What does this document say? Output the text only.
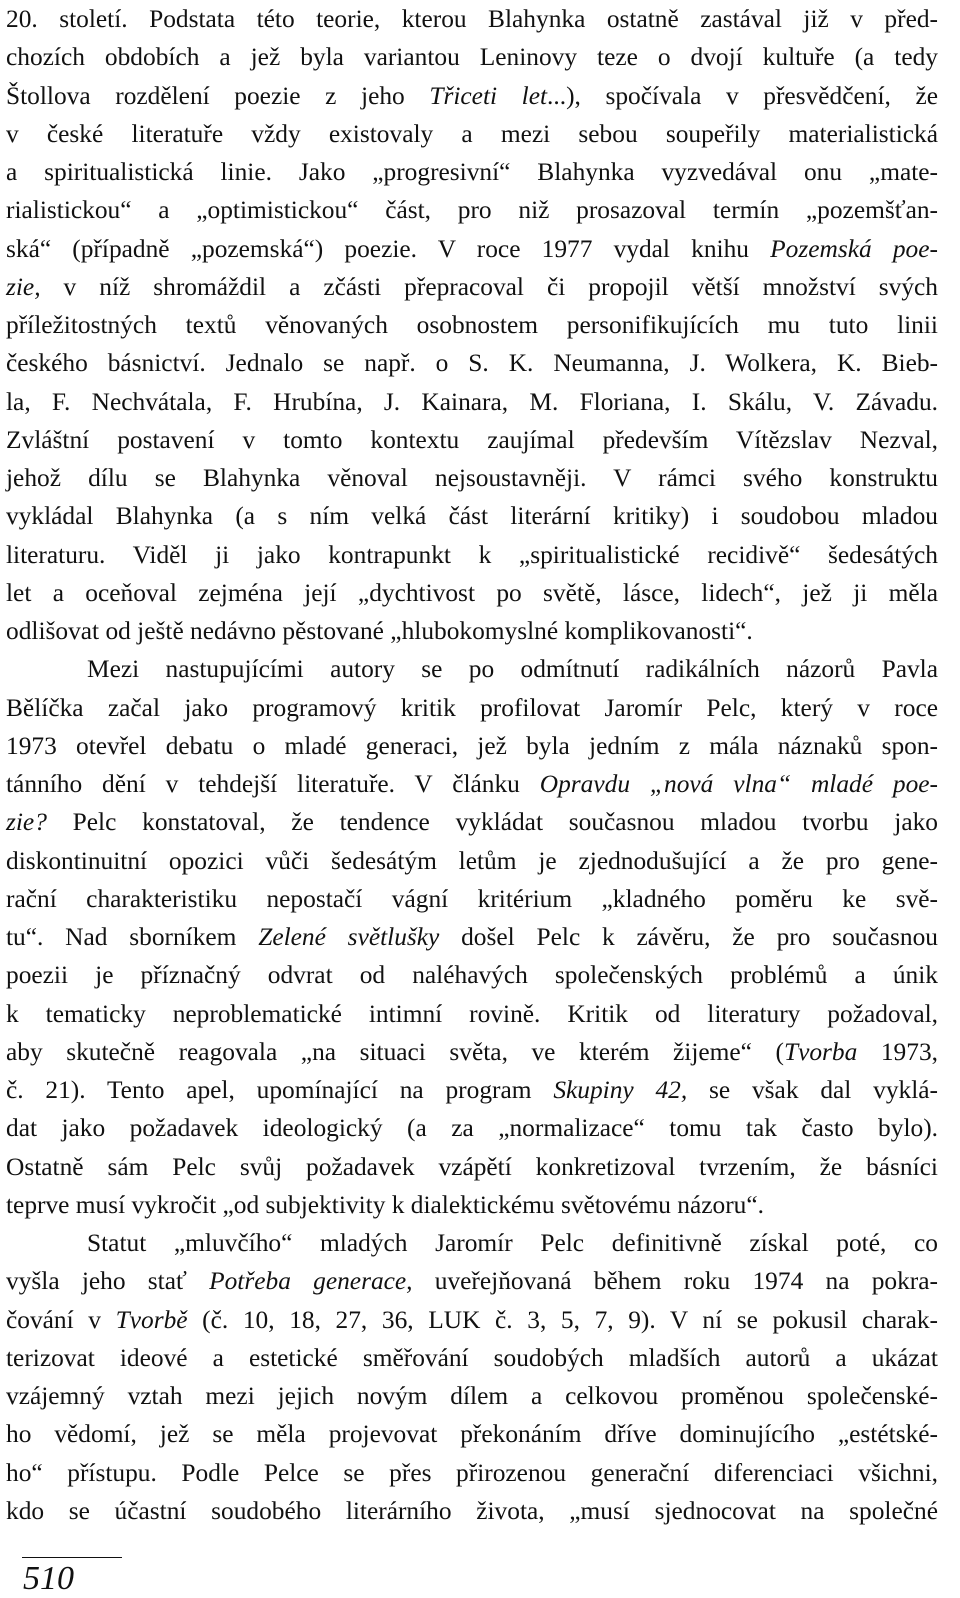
20. století. Podstata této teorie, kterou Blahynka ostatně zastával již v před-
chozích obdobích a jež byla variantou Leninovy teze o dvojí kultuře (a tedy
Štollova rozdělení poezie z jeho Třiceti let...), spočívala v přesvědčení, že
v české literatuře vždy existovaly a mezi sebou soupeřily materialistická
a spiritualistická linie. Jako „progresivní“ Blahynka vyzvedával onu „mate-
rialistickou“ a „optimistickou“ část, pro niž prosazoval termín „pozemšťan-
ská“ (případně „pozemská“) poezie. V roce 1977 vydal knihu Pozemská poe-
zie, v níž shromáždil a zčásti přepracoval či propojil větší množství svých
příležitostných textů věnovaných osobnostem personifikujících mu tuto linii
českého básnictví. Jednalo se např. o S. K. Neumanna, J. Wolkera, K. Bieb-
la, F. Nechvátala, F. Hrubína, J. Kainara, M. Floriana, I. Skálu, V. Závadu.
Zvláštní postavení v tomto kontextu zaujímal především Vítězslav Nezval,
jehož dílu se Blahynka věnoval nejsoustavněji. V rámci svého konstruktu
vykládal Blahynka (a s ním velká část literární kritiky) i soudobou mladou
literaturu. Viděl ji jako kontrapunkt k „spiritualistické recidivě“ šedesátých
let a oceňoval zejména její „dychtivost po světě, lásce, lidech“, jež ji měla
odlišovat od ještě nedávno pěstované „hlubokomyslné komplikovanosti“.
Mezi nastupujícími autory se po odmítnutí radikálních názorů Pavla
Bělíčka začal jako programový kritik profilovat Jaromír Pelc, který v roce
1973 otevřel debatu o mladé generaci, jež byla jedním z mála náznaků spon-
tánního dění v tehdejší literatuře. V článku Opravdu „nová vlna“ mladé poe-
zie? Pelc konstatoval, že tendence vykládat současnou mladou tvorbu jako
diskontinuitní opozici vůči šedesátým letům je zjednodušující a že pro gene-
rační charakteristiku nepostačí vágní kritérium „kladného poměru ke svě-
tu“. Nad sborníkem Zelené světlušky došel Pelc k závěru, že pro současnou
poezii je příznačný odvrat od naléhavých společenských problémů a únik
k tematicky neproblematické intimní rovině. Kritik od literatury požadoval,
aby skutečně reagovala „na situaci světa, ve kterém žijeme“ (Tvorba 1973,
č. 21). Tento apel, upomínající na program Skupiny 42, se však dal vyklá-
dat jako požadavek ideologický (a za „normalizace“ tomu tak často bylo).
Ostatně sám Pelc svůj požadavek vzápětí konkretizoval tvrzením, že básníci
teprve musí vykročit „od subjektivity k dialektickému světovému názoru“.
Statut „mluvčího“ mladých Jaromír Pelc definitivně získal poté, co
vyšla jeho stať Potřeba generace, uveřejňovaná během roku 1974 na pokra-
čování v Tvorbě (č. 10, 18, 27, 36, LUK č. 3, 5, 7, 9). V ní se pokusil charak-
terizovat ideové a estetické směřování soudobých mladších autorů a ukázat
vzájemný vztah mezi jejich novým dílem a celkovou proměnou společenské-
ho vědomí, jež se měla projevovat překonáním dříve dominujícího „estétské-
ho“ přístupu. Podle Pelce se přes přirozenou generační diferenciaci všichni,
kdo se účastní soudobého literárního života, „musí sjednocovat na společné
510
